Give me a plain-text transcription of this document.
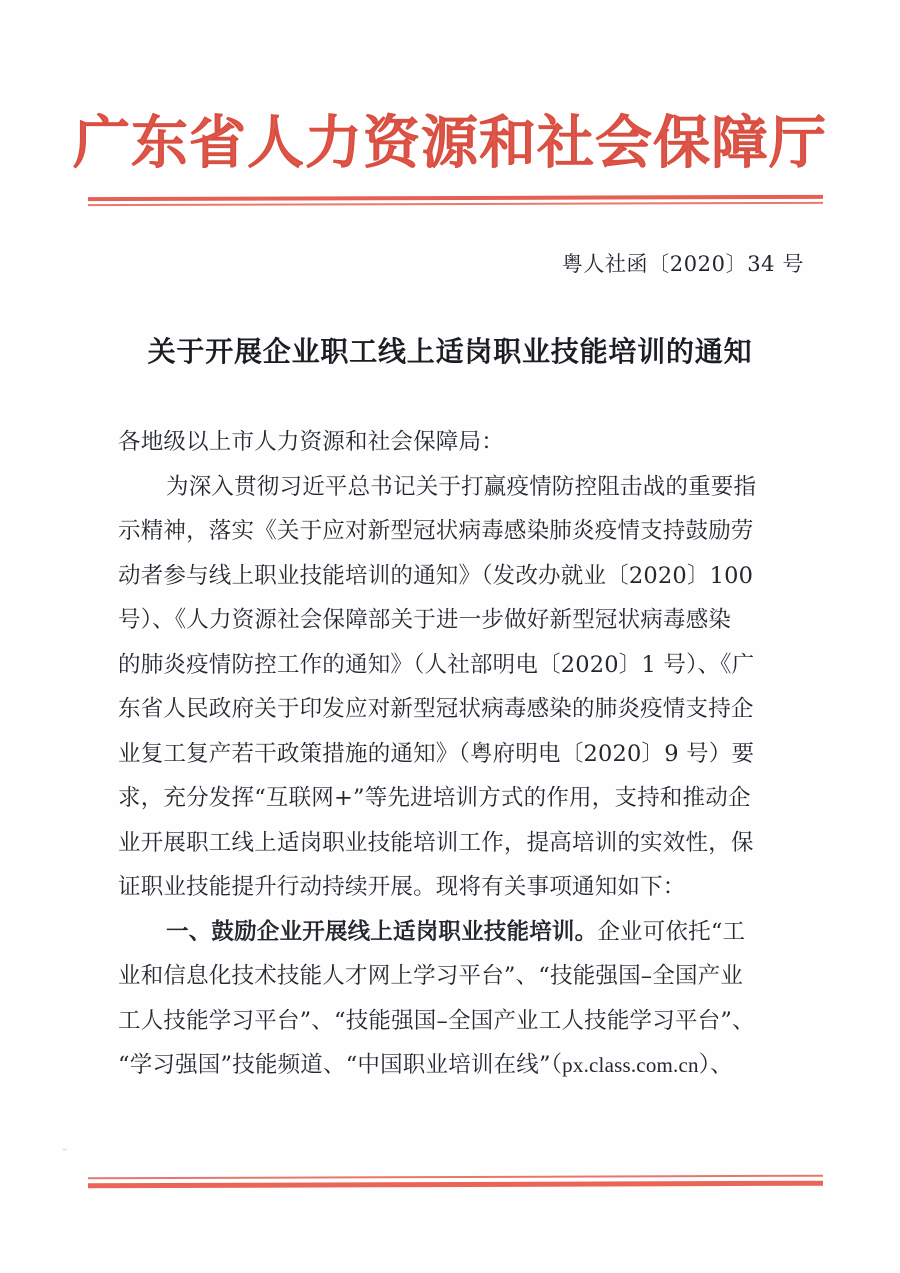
广东省人力资源和社会保障厅
粤人社函〔2020〕34 号
关于开展企业职工线上适岗职业技能培训的通知
各地级以上市人力资源和社会保障局：
为深入贯彻习近平总书记关于打赢疫情防控阻击战的重要指
示精神，落实《关于应对新型冠状病毒感染肺炎疫情支持鼓励劳
动者参与线上职业技能培训的通知》（发改办就业〔2020〕100
号）、《人力资源社会保障部关于进一步做好新型冠状病毒感染
的肺炎疫情防控工作的通知》（人社部明电〔2020〕1 号）、《广
东省人民政府关于印发应对新型冠状病毒感染的肺炎疫情支持企
业复工复产若干政策措施的通知》（粤府明电〔2020〕9 号）要
求，充分发挥“互联网+”等先进培训方式的作用，支持和推动企
业开展职工线上适岗职业技能培训工作，提高培训的实效性，保
证职业技能提升行动持续开展。现将有关事项通知如下：
一、鼓励企业开展线上适岗职业技能培训。企业可依托“工
业和信息化技术技能人才网上学习平台”、“技能强国–全国产业
工人技能学习平台”、“技能强国–全国产业工人技能学习平台”、
“学习强国”技能频道、“中国职业培训在线”（px.class.com.cn）、
